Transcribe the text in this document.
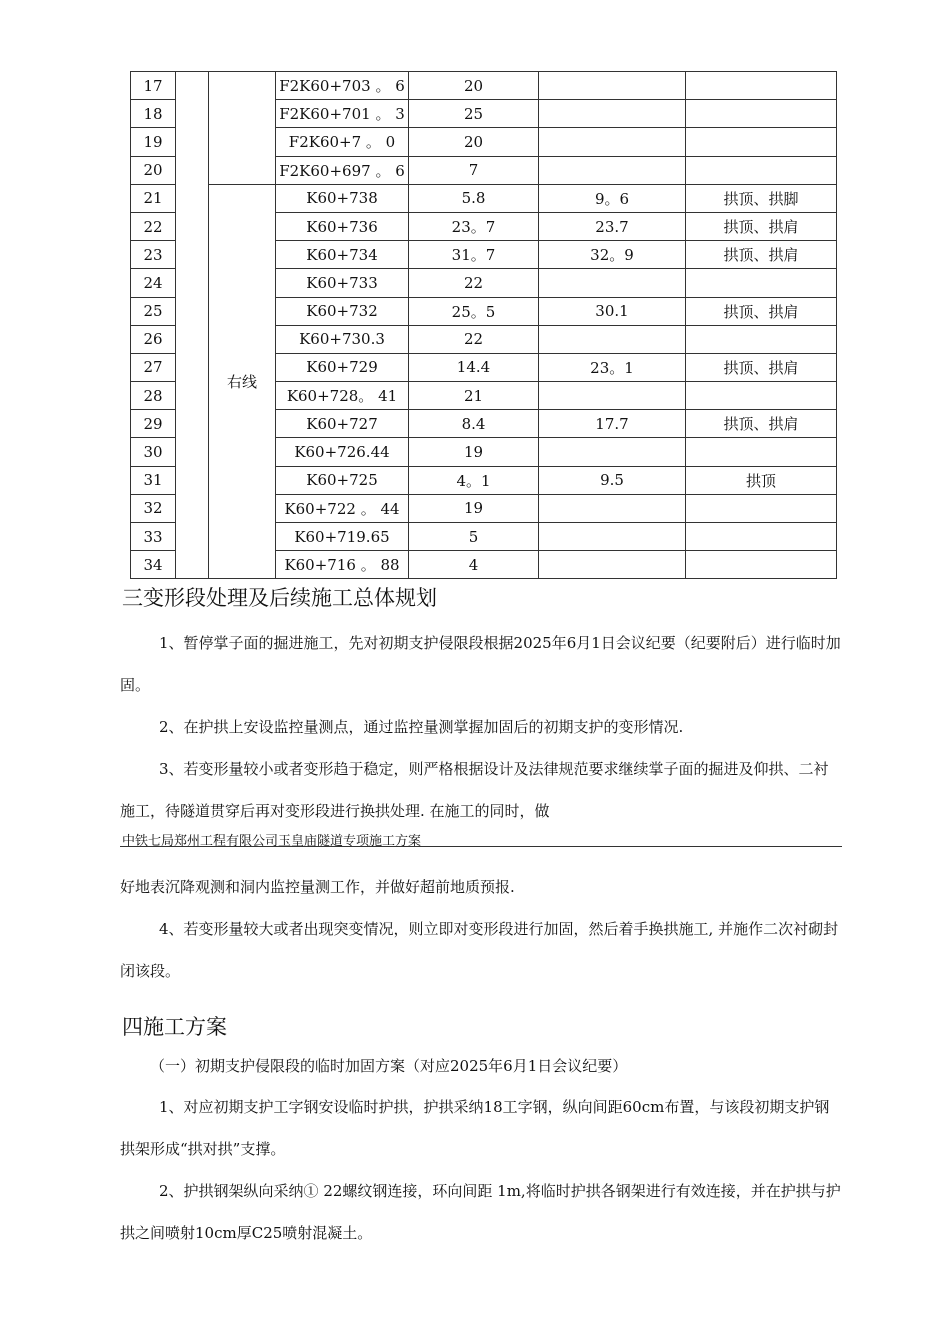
17			F2K60+703 。 6	20		
18			F2K60+701 。 3	25		
19			F2K60+7 。 0	20		
20			F2K60+697 。 6	7		
21		右线	K60+738	5.8	9。6	拱顶、拱脚
22			K60+736	23。7	23.7	拱顶、拱肩
23			K60+734	31。7	32。9	拱顶、拱肩
24			K60+733	22		
25			K60+732	25。5	30.1	拱顶、拱肩
26			K60+730.3	22		
27			K60+729	14.4	23。1	拱顶、拱肩
28			K60+728。 41	21		
29			K60+727	8.4	17.7	拱顶、拱肩
30			K60+726.44	19		
31			K60+725	4。1	9.5	拱顶
32			K60+722 。 44	19		
33			K60+719.65	5		
34			K60+716 。 88	4		
三变形段处理及后续施工总体规划

1、暂停掌子面的掘进施工，先对初期支护侵限段根据2025年6月1日会议纪要（纪要附后）进行临时加固。

2、在护拱上安设监控量测点，通过监控量测掌握加固后的初期支护的变形情况.

3、若变形量较小或者变形趋于稳定，则严格根据设计及法律规范要求继续掌子面的掘进及仰拱、二衬施工，待隧道贯穿后再对变形段进行换拱处理. 在施工的同时，做

中铁七局郑州工程有限公司玉皇庙隧道专项施工方案

好地表沉降观测和洞内监控量测工作，并做好超前地质预报.

4、若变形量较大或者出现突变情况，则立即对变形段进行加固，然后着手换拱施工, 并施作二次衬砌封闭该段。

四施工方案
（一）初期支护侵限段的临时加固方案（对应2025年6月1日会议纪要）

1、对应初期支护工字钢安设临时护拱，护拱采纳18工字钢，纵向间距60cm布置，与该段初期支护钢拱架形成“拱对拱”支撑。

2、护拱钢架纵向采纳① 22螺纹钢连接，环向间距 1m,将临时护拱各钢架进行有效连接，并在护拱与护拱之间喷射10cm厚C25喷射混凝土。
